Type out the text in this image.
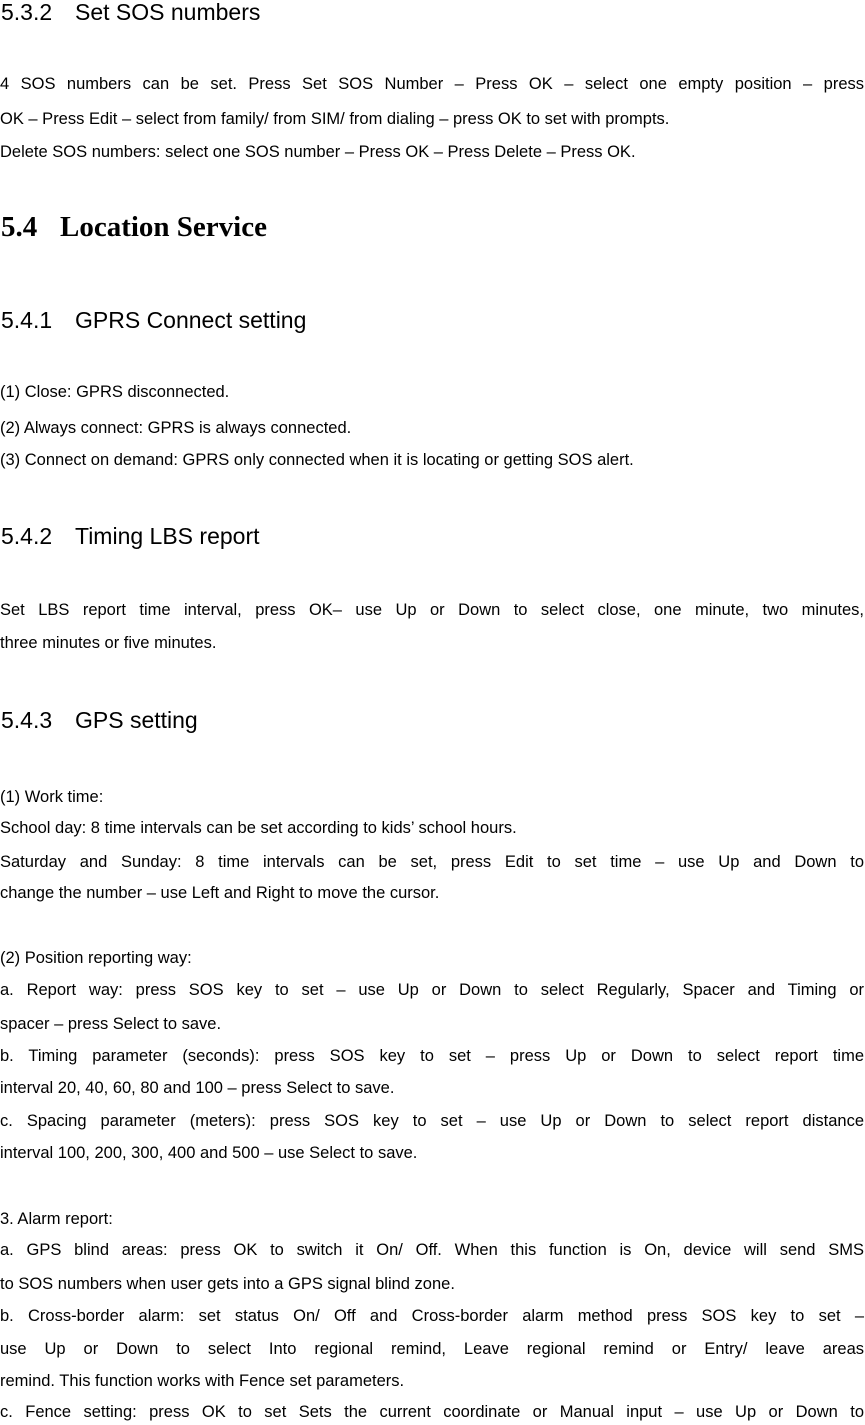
5.3.2 Set SOS numbers
4 SOS numbers can be set. Press Set SOS Number – Press OK – select one empty position – press
OK – Press Edit – select from family/ from SIM/ from dialing – press OK to set with prompts.
Delete SOS numbers: select one SOS number – Press OK – Press Delete – Press OK.
5.4 Location Service
5.4.1 GPRS Connect setting
(1) Close: GPRS disconnected.
(2) Always connect: GPRS is always connected.
(3) Connect on demand: GPRS only connected when it is locating or getting SOS alert.
5.4.2 Timing LBS report
Set LBS report time interval, press OK– use Up or Down to select close, one minute, two minutes,
three minutes or five minutes.
5.4.3 GPS setting
(1) Work time:
School day: 8 time intervals can be set according to kids’ school hours.
Saturday and Sunday: 8 time intervals can be set, press Edit to set time – use Up and Down to
change the number – use Left and Right to move the cursor.
(2) Position reporting way:
a. Report way: press SOS key to set – use Up or Down to select Regularly, Spacer and Timing or
spacer – press Select to save.
b. Timing parameter (seconds): press SOS key to set – press Up or Down to select report time
interval 20, 40, 60, 80 and 100 – press Select to save.
c. Spacing parameter (meters): press SOS key to set – use Up or Down to select report distance
interval 100, 200, 300, 400 and 500 – use Select to save.
3. Alarm report:
a. GPS blind areas: press OK to switch it On/ Off. When this function is On, device will send SMS
to SOS numbers when user gets into a GPS signal blind zone.
b. Cross-border alarm: set status On/ Off and Cross-border alarm method press SOS key to set –
use Up or Down to select Into regional remind, Leave regional remind or Entry/ leave areas
remind. This function works with Fence set parameters.
c. Fence setting: press OK to set Sets the current coordinate or Manual input – use Up or Down to
